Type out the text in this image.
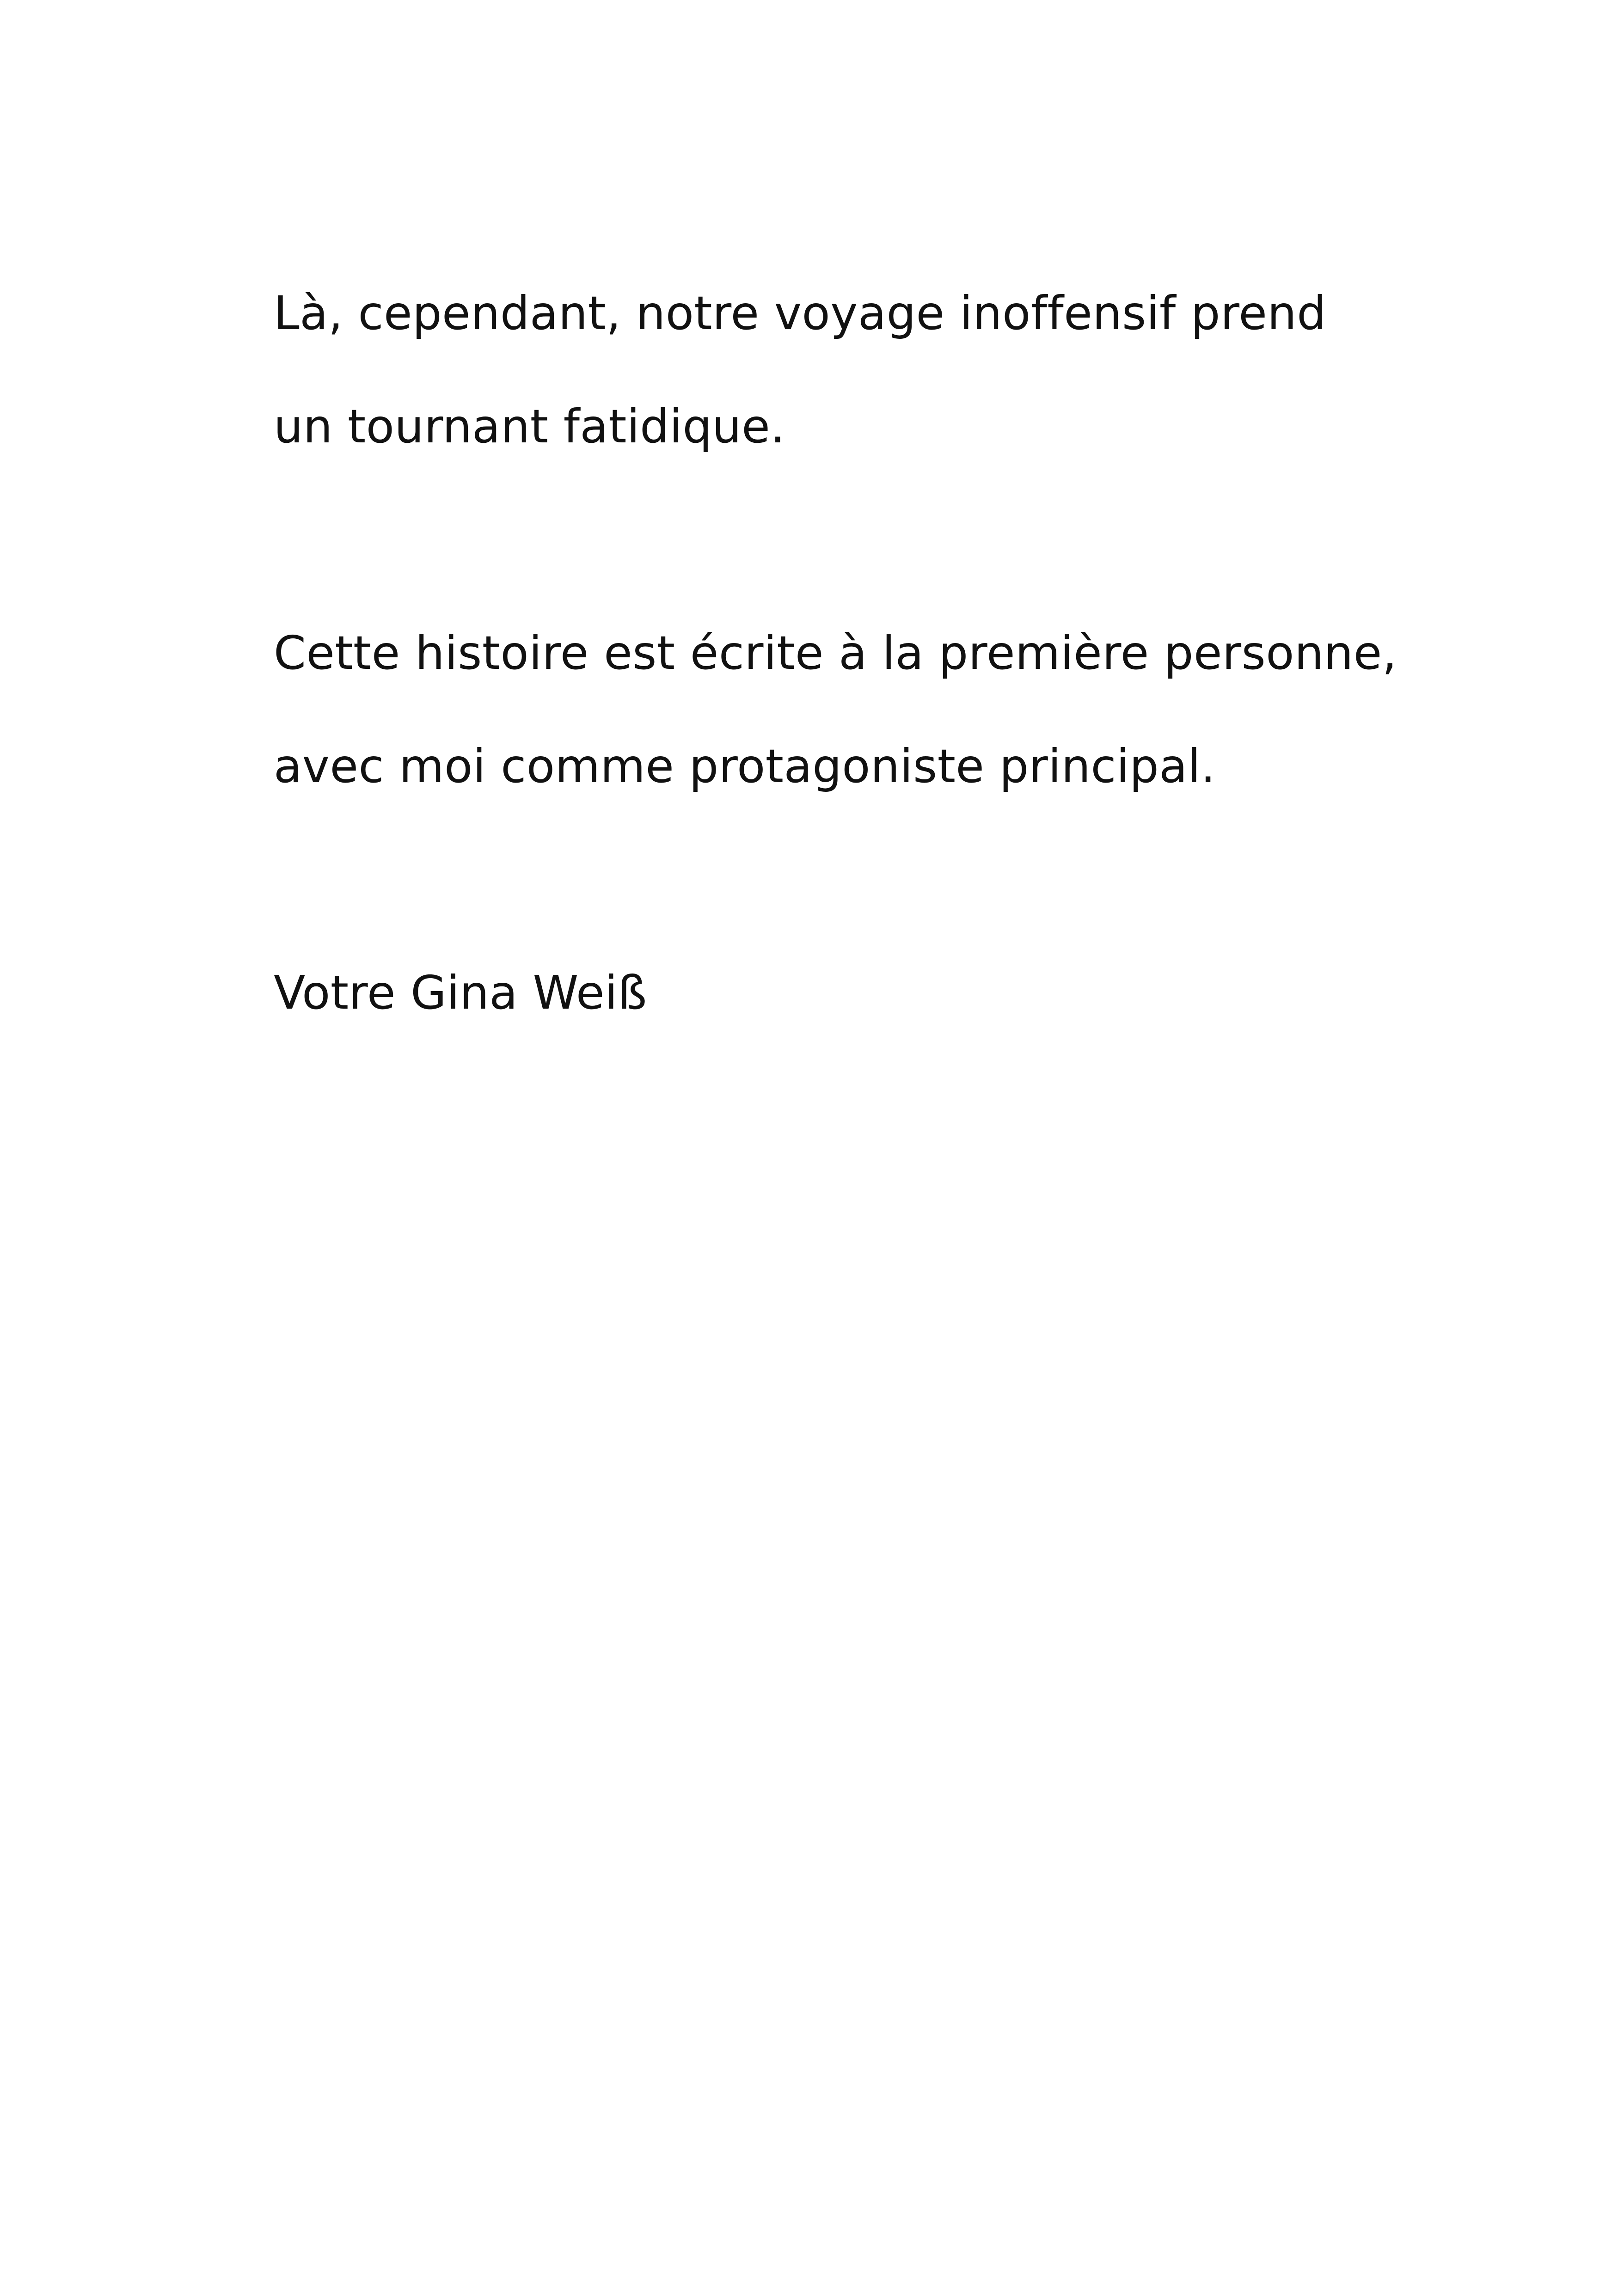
Là, cependant, notre voyage inoffensif prend
un tournant fatidique.

Cette histoire est écrite à la première personne,
avec moi comme protagoniste principal.

Votre Gina Weiß
